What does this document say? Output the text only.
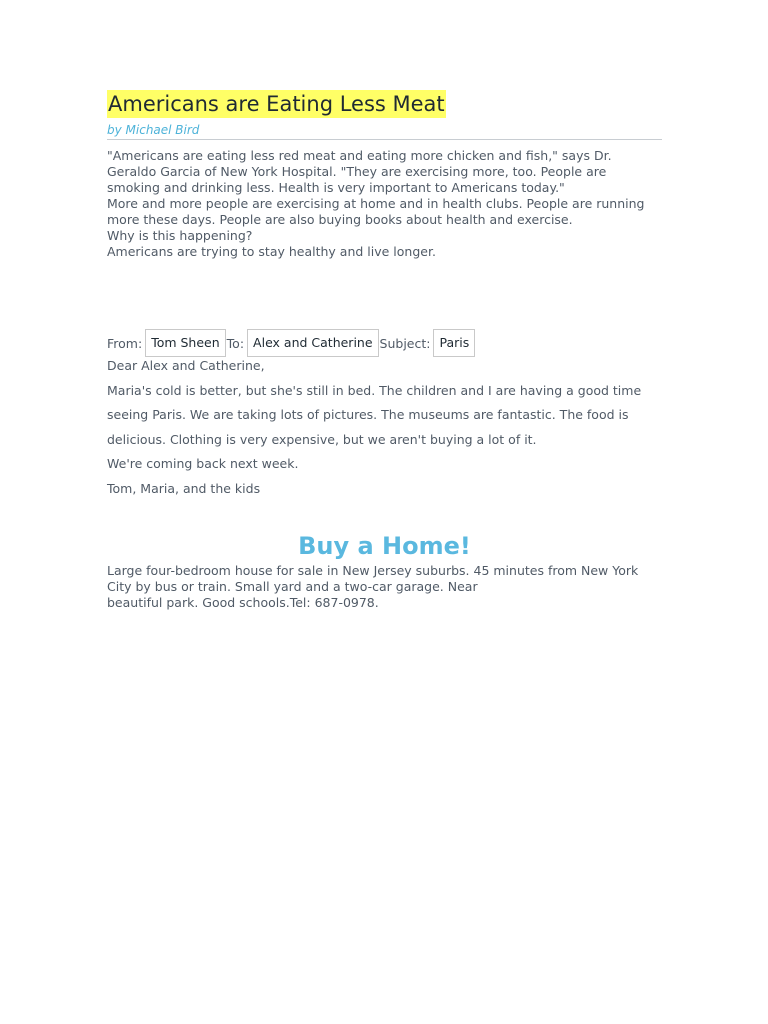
Americans are Eating Less Meat
by Michael Bird

"Americans are eating less red meat and eating more chicken and fish," says Dr.

Geraldo Garcia of New York Hospital. "They are exercising more, too. People are

smoking and drinking less. Health is very important to Americans today."

More and more people are exercising at home and in health clubs. People are running

more these days. People are also buying books about health and exercise.

Why is this happening?

Americans are trying to stay healthy and live longer.

From: Tom Sheen To: Alex and Catherine Subject: Paris

Dear Alex and Catherine,

Maria's cold is better, but she's still in bed. The children and I are having a good time

seeing Paris. We are taking lots of pictures. The museums are fantastic. The food is

delicious. Clothing is very expensive, but we aren't buying a lot of it.

We're coming back next week.

Tom, Maria, and the kids

Buy a Home!

Large four-bedroom house for sale in New Jersey suburbs. 45 minutes from New York

City by bus or train. Small yard and a two-car garage. Near

beautiful park. Good schools.Tel: 687-0978.
